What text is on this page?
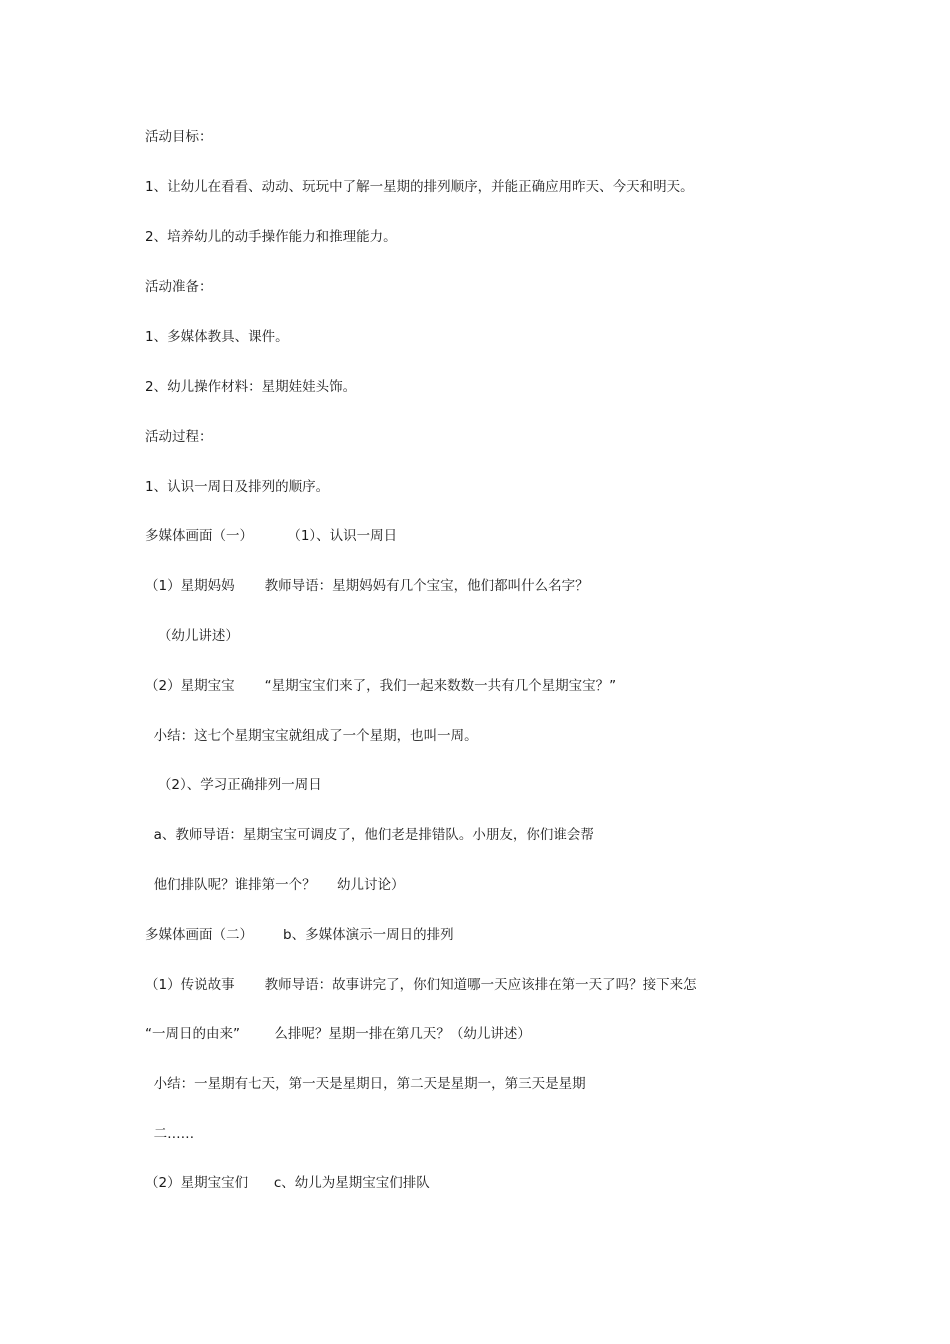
活动目标：
1、让幼儿在看看、动动、玩玩中了解一星期的排列顺序，并能正确应用昨天、今天和明天。
2、培养幼儿的动手操作能力和推理能力。
活动准备：
1、多媒体教具、课件。
2、幼儿操作材料：星期娃娃头饰。
活动过程：
1、认识一周日及排列的顺序。
多媒体画面（一）        （1）、认识一周日
（1）星期妈妈       教师导语：星期妈妈有几个宝宝，他们都叫什么名字？
（幼儿讲述）
（2）星期宝宝       “星期宝宝们来了，我们一起来数数一共有几个星期宝宝？”
小结：这七个星期宝宝就组成了一个星期，也叫一周。
（2）、学习正确排列一周日
a、教师导语：星期宝宝可调皮了，他们老是排错队。小朋友，你们谁会帮
他们排队呢？谁排第一个？     幼儿讨论）
多媒体画面（二）       b、多媒体演示一周日的排列
（1）传说故事       教师导语：故事讲完了，你们知道哪一天应该排在第一天了吗？接下来怎
“一周日的由来”        么排呢？星期一排在第几天？（幼儿讲述）
小结：一星期有七天，第一天是星期日，第二天是星期一，第三天是星期
二……
（2）星期宝宝们      c、幼儿为星期宝宝们排队
